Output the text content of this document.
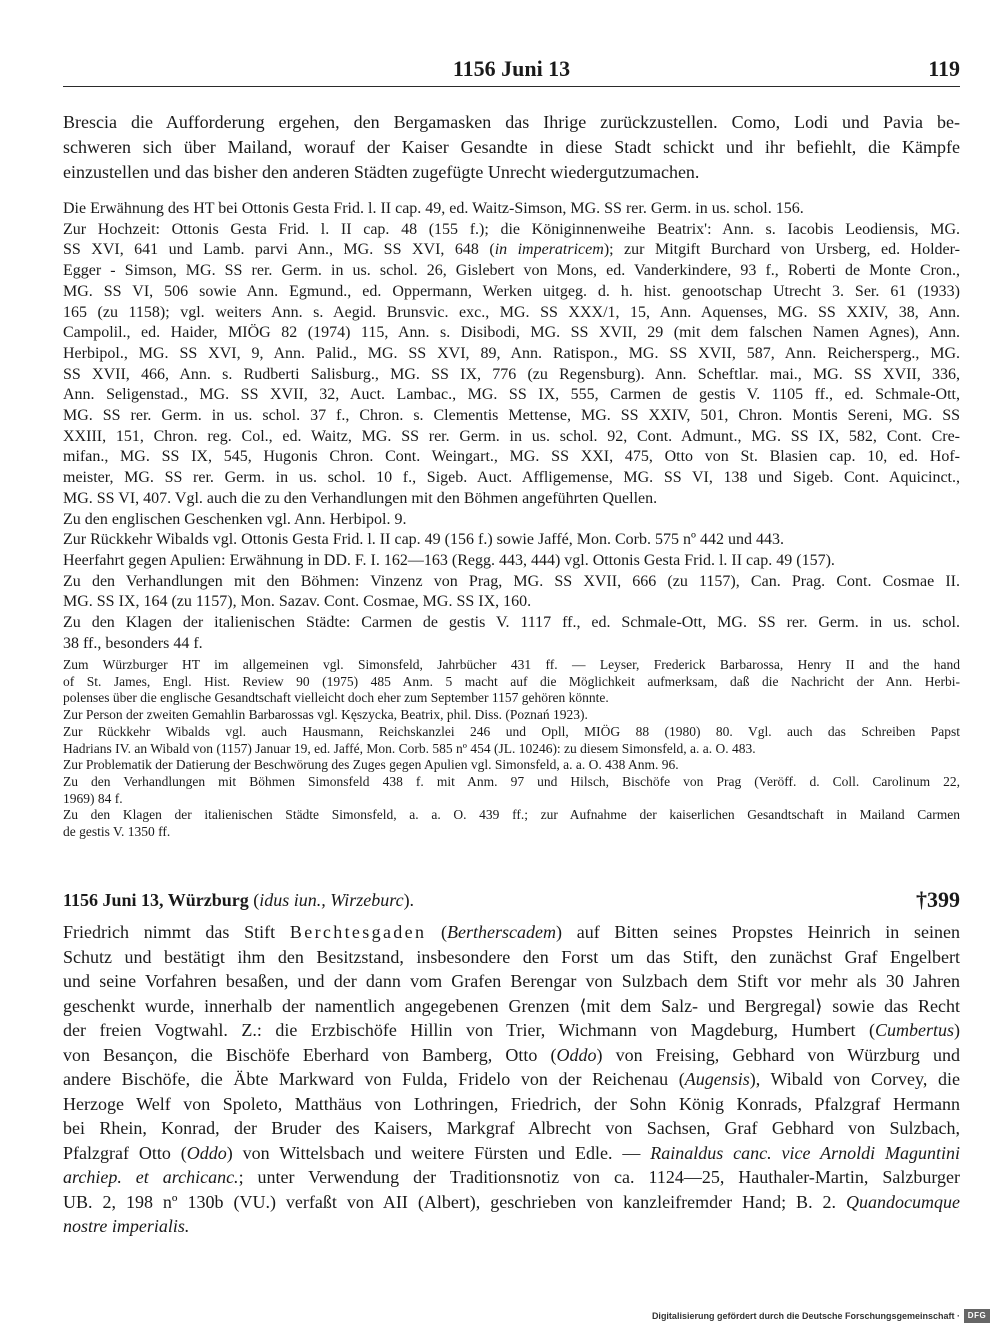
1156 Juni 13	119
Brescia die Aufforderung ergehen, den Bergamasken das Ihrige zurückzustellen. Como, Lodi und Pavia be-
schweren sich über Mailand, worauf der Kaiser Gesandte in diese Stadt schickt und ihr befiehlt, die Kämpfe
einzustellen und das bisher den anderen Städten zugefügte Unrecht wiedergutzumachen.
Die Erwähnung des HT bei Ottonis Gesta Frid. l. II cap. 49, ed. Waitz-Simson, MG. SS rer. Germ. in us. schol. 156.
Zur Hochzeit: Ottonis Gesta Frid. l. II cap. 48 (155 f.); die Königinnenweihe Beatrix': Ann. s. Iacobis Leodiensis, MG.
SS XVI, 641 und Lamb. parvi Ann., MG. SS XVI, 648 (in imperatricem); zur Mitgift Burchard von Ursberg, ed. Holder-
Egger - Simson, MG. SS rer. Germ. in us. schol. 26, Gislebert von Mons, ed. Vanderkindere, 93 f., Roberti de Monte Cron.,
MG. SS VI, 506 sowie Ann. Egmund., ed. Oppermann, Werken uitgeg. d. h. hist. genootschap Utrecht 3. Ser. 61 (1933)
165 (zu 1158); vgl. weiters Ann. s. Aegid. Brunsvic. exc., MG. SS XXX/1, 15, Ann. Aquenses, MG. SS XXIV, 38, Ann.
Campolil., ed. Haider, MIÖG 82 (1974) 115, Ann. s. Disibodi, MG. SS XVII, 29 (mit dem falschen Namen Agnes), Ann.
Herbipol., MG. SS XVI, 9, Ann. Palid., MG. SS XVI, 89, Ann. Ratispon., MG. SS XVII, 587, Ann. Reichersperg., MG.
SS XVII, 466, Ann. s. Rudberti Salisburg., MG. SS IX, 776 (zu Regensburg). Ann. Scheftlar. mai., MG. SS XVII, 336,
Ann. Seligenstad., MG. SS XVII, 32, Auct. Lambac., MG. SS IX, 555, Carmen de gestis V. 1105 ff., ed. Schmale-Ott,
MG. SS rer. Germ. in us. schol. 37 f., Chron. s. Clementis Mettense, MG. SS XXIV, 501, Chron. Montis Sereni, MG. SS
XXIII, 151, Chron. reg. Col., ed. Waitz, MG. SS rer. Germ. in us. schol. 92, Cont. Admunt., MG. SS IX, 582, Cont. Cre-
mifan., MG. SS IX, 545, Hugonis Chron. Cont. Weingart., MG. SS XXI, 475, Otto von St. Blasien cap. 10, ed. Hof-
meister, MG. SS rer. Germ. in us. schol. 10 f., Sigeb. Auct. Affligemense, MG. SS VI, 138 und Sigeb. Cont. Aquicinct.,
MG. SS VI, 407. Vgl. auch die zu den Verhandlungen mit den Böhmen angeführten Quellen.
Zu den englischen Geschenken vgl. Ann. Herbipol. 9.
Zur Rückkehr Wibalds vgl. Ottonis Gesta Frid. l. II cap. 49 (156 f.) sowie Jaffé, Mon. Corb. 575 nº 442 und 443.
Heerfahrt gegen Apulien: Erwähnung in DD. F. I. 162—163 (Regg. 443, 444) vgl. Ottonis Gesta Frid. l. II cap. 49 (157).
Zu den Verhandlungen mit den Böhmen: Vinzenz von Prag, MG. SS XVII, 666 (zu 1157), Can. Prag. Cont. Cosmae II.
MG. SS IX, 164 (zu 1157), Mon. Sazav. Cont. Cosmae, MG. SS IX, 160.
Zu den Klagen der italienischen Städte: Carmen de gestis V. 1117 ff., ed. Schmale-Ott, MG. SS rer. Germ. in us. schol.
38 ff., besonders 44 f.
Zum Würzburger HT im allgemeinen vgl. Simonsfeld, Jahrbücher 431 ff. — Leyser, Frederick Barbarossa, Henry II and the hand
of St. James, Engl. Hist. Review 90 (1975) 485 Anm. 5 macht auf die Möglichkeit aufmerksam, daß die Nachricht der Ann. Herbi-
polenses über die englische Gesandtschaft vielleicht doch eher zum September 1157 gehören könnte.
Zur Person der zweiten Gemahlin Barbarossas vgl. Kęszycka, Beatrix, phil. Diss. (Poznań 1923).
Zur Rückkehr Wibalds vgl. auch Hausmann, Reichskanzlei 246 und Opll, MIÖG 88 (1980) 80. Vgl. auch das Schreiben Papst
Hadrians IV. an Wibald von (1157) Januar 19, ed. Jaffé, Mon. Corb. 585 nº 454 (JL. 10246): zu diesem Simonsfeld, a. a. O. 483.
Zur Problematik der Datierung der Beschwörung des Zuges gegen Apulien vgl. Simonsfeld, a. a. O. 438 Anm. 96.
Zu den Verhandlungen mit Böhmen Simonsfeld 438 f. mit Anm. 97 und Hilsch, Bischöfe von Prag (Veröff. d. Coll. Carolinum 22,
1969) 84 f.
Zu den Klagen der italienischen Städte Simonsfeld, a. a. O. 439 ff.; zur Aufnahme der kaiserlichen Gesandtschaft in Mailand Carmen
de gestis V. 1350 ff.
1156 Juni 13, Würzburg (idus iun., Wirzeburc).	†399
Friedrich nimmt das Stift Berchtesgaden (Bertherscadem) auf Bitten seines Propstes Heinrich in seinen
Schutz und bestätigt ihm den Besitzstand, insbesondere den Forst um das Stift, den zunächst Graf Engelbert
und seine Vorfahren besaßen, und der dann vom Grafen Berengar von Sulzbach dem Stift vor mehr als 30 Jahren
geschenkt wurde, innerhalb der namentlich angegebenen Grenzen ⟨mit dem Salz- und Bergregal⟩ sowie das Recht
der freien Vogtwahl. Z.: die Erzbischöfe Hillin von Trier, Wichmann von Magdeburg, Humbert (Cumbertus)
von Besançon, die Bischöfe Eberhard von Bamberg, Otto (Oddo) von Freising, Gebhard von Würzburg und
andere Bischöfe, die Äbte Markward von Fulda, Fridelo von der Reichenau (Augensis), Wibald von Corvey, die
Herzoge Welf von Spoleto, Matthäus von Lothringen, Friedrich, der Sohn König Konrads, Pfalzgraf Hermann
bei Rhein, Konrad, der Bruder des Kaisers, Markgraf Albrecht von Sachsen, Graf Gebhard von Sulzbach,
Pfalzgraf Otto (Oddo) von Wittelsbach und weitere Fürsten und Edle. — Rainaldus canc. vice Arnoldi Maguntini
archiep. et archicanc.; unter Verwendung der Traditionsnotiz von ca. 1124—25, Hauthaler-Martin, Salzburger
UB. 2, 198 nº 130b (VU.) verfaßt von AII (Albert), geschrieben von kanzleifremder Hand; B. 2. Quandocumque
nostre imperialis.
Digitalisierung gefördert durch die Deutsche Forschungsgemeinschaft · DFG
